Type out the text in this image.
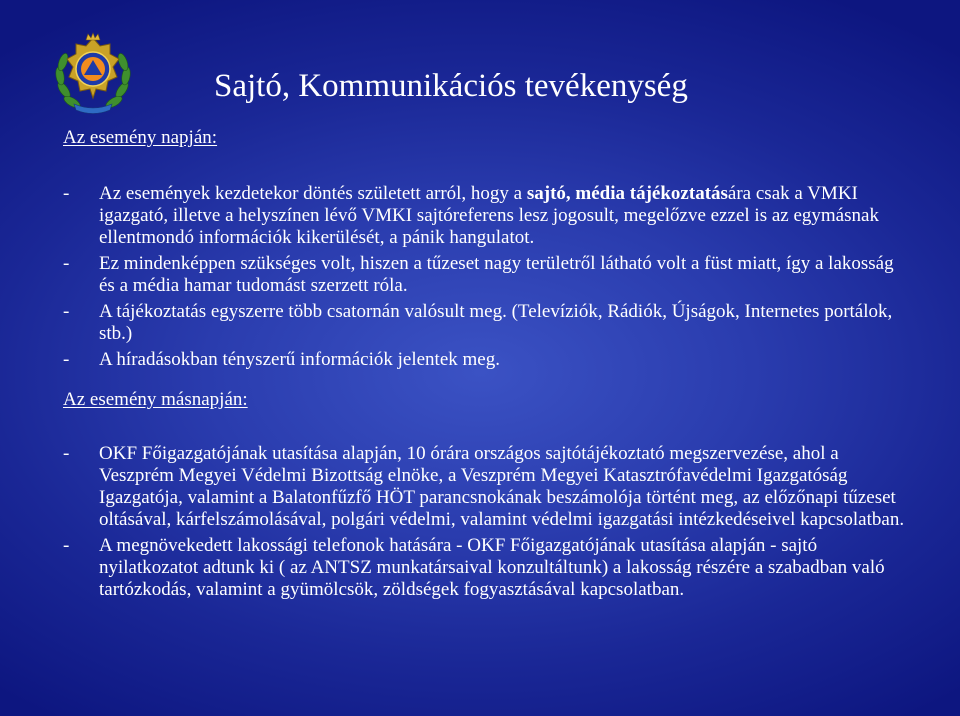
Sajtó, Kommunikációs tevékenység
Az esemény napján:
- Az események kezdetekor döntés született arról, hogy a sajtó, média tájékoztatására csak a VMKI igazgató, illetve a helyszínen lévő VMKI sajtóreferens lesz jogosult, megelőzve ezzel is az egymásnak ellentmondó információk kikerülését, a pánik hangulatot.
- Ez mindenképpen szükséges volt, hiszen a tűzeset nagy területről látható volt a füst miatt, így a lakosság és a média hamar tudomást szerzett róla.
- A tájékoztatás egyszerre több csatornán valósult meg. (Televíziók, Rádiók, Újságok, Internetes portálok, stb.)
- A híradásokban tényszerű információk jelentek meg.
Az esemény másnapján:
- OKF Főigazgatójának utasítása alapján, 10 órára országos sajtótájékoztató megszervezése, ahol a Veszprém Megyei Védelmi Bizottság elnöke, a Veszprém Megyei Katasztrófavédelmi Igazgatóság Igazgatója, valamint a Balatonfűzfő HÖT parancsnokának beszámolója történt meg, az előzőnapi tűzeset oltásával, kárfelszámolásával, polgári védelmi, valamint védelmi igazgatási intézkedéseivel kapcsolatban.
- A megnövekedett lakossági telefonok hatására - OKF Főigazgatójának utasítása alapján - sajtó nyilatkozatot adtunk ki ( az ANTSZ munkatársaival konzultáltunk) a lakosság részére a szabadban való tartózkodás, valamint a gyümölcsök, zöldségek fogyasztásával kapcsolatban.
